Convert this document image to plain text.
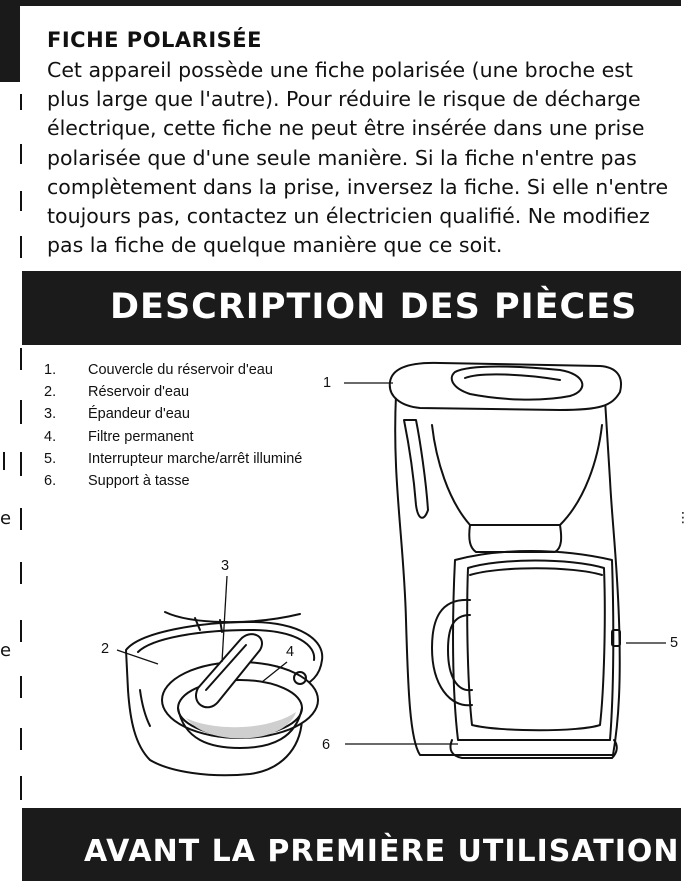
e
e
⋮
FICHE POLARISÉE
Cet appareil possède une fiche polarisée (une broche est
plus large que l'autre). Pour réduire le risque de décharge
électrique, cette fiche ne peut être insérée dans une prise
polarisée que d'une seule manière. Si la fiche n'entre pas
complètement dans la prise, inversez la fiche. Si elle n'entre
toujours pas, contactez un électricien qualifié. Ne modifiez
pas la fiche de quelque manière que ce soit.
DESCRIPTION DES PIÈCES
1. Couvercle du réservoir d'eau
2. Réservoir d'eau
3. Épandeur d'eau
4. Filtre permanent
5. Interrupteur marche/arrêt illuminé
6. Support à tasse
1
2
3
4
5
6
AVANT LA PREMIÈRE UTILISATION
